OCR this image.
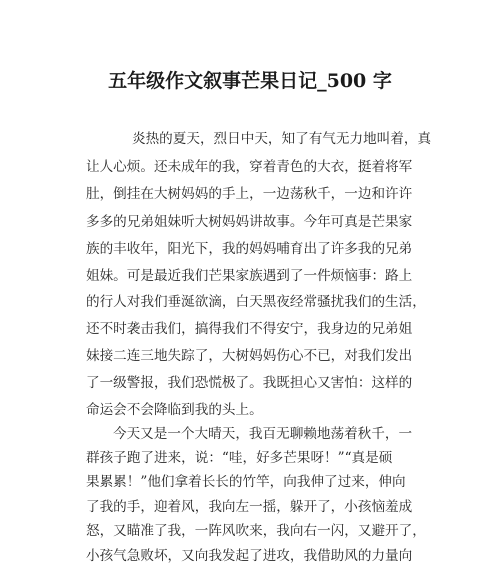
五年级作文叙事芒果日记_500 字
炎热的夏天，烈日中天，知了有气无力地叫着，真
让人心烦。还未成年的我，穿着青色的大衣，挺着将军
肚，倒挂在大树妈妈的手上，一边荡秋千，一边和许许
多多的兄弟姐妹听大树妈妈讲故事。今年可真是芒果家
族的丰收年，阳光下，我的妈妈哺育出了许多我的兄弟
姐妹。可是最近我们芒果家族遇到了一件烦恼事：路上
的行人对我们垂涎欲滴，白天黑夜经常骚扰我们的生活，
还不时袭击我们，搞得我们不得安宁，我身边的兄弟姐
妹接二连三地失踪了，大树妈妈伤心不已，对我们发出
了一级警报，我们恐慌极了。我既担心又害怕：这样的
命运会不会降临到我的头上。
今天又是一个大晴天，我百无聊赖地荡着秋千，一
群孩子跑了进来，说：“哇，好多芒果呀！”“真是硕
果累累！”他们拿着长长的竹竿，向我伸了过来，伸向
了我的手，迎着风，我向左一摇，躲开了，小孩恼羞成
怒，又瞄准了我，一阵风吹来，我向右一闪，又避开了，
小孩气急败坏，又向我发起了进攻，我借助风的力量向
